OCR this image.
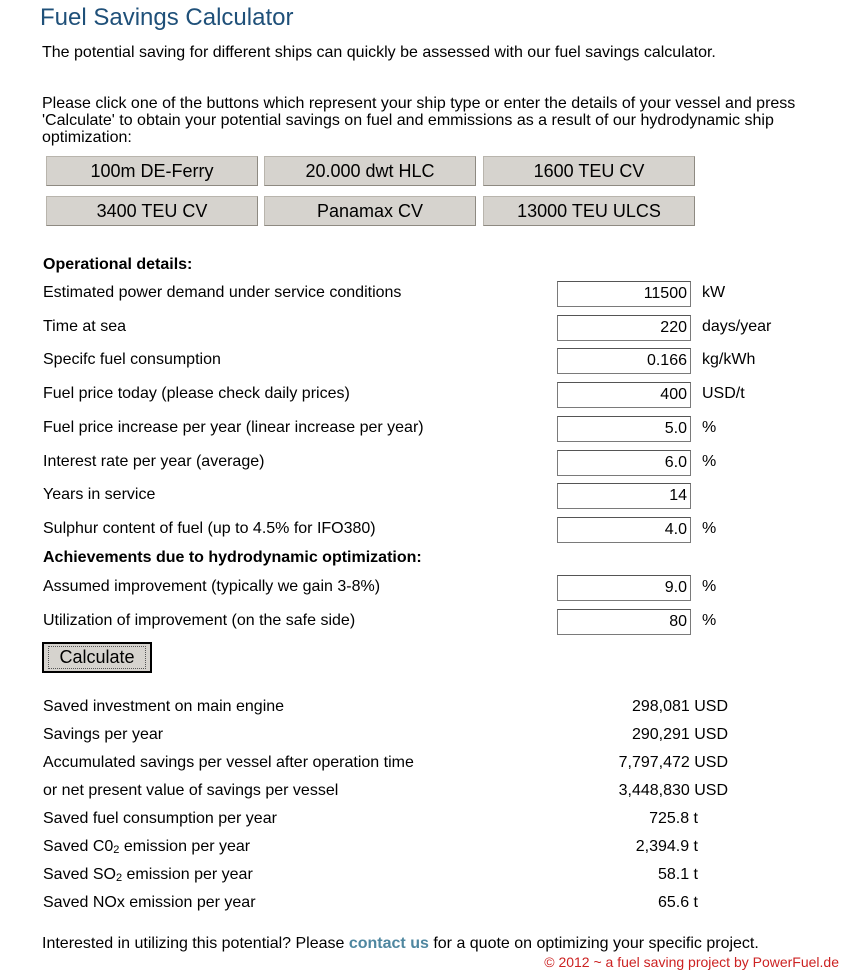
Fuel Savings Calculator
The potential saving for different ships can quickly be assessed with our fuel savings calculator.
Please click one of the buttons which represent your ship type or enter the details of your vessel and press 'Calculate' to obtain your potential savings on fuel and emmissions as a result of our hydrodynamic ship optimization:
100m DE-Ferry	20.000 dwt HLC	1600 TEU CV
3400 TEU CV	Panamax CV	13000 TEU ULCS
Operational details:
Estimated power demand under service conditions
11500	kW
Time at sea
220	days/year
Specifc fuel consumption
0.166	kg/kWh
Fuel price today (please check daily prices)
400	USD/t
Fuel price increase per year (linear increase per year)
5.0	%
Interest rate per year (average)
6.0	%
Years in service
14
Sulphur content of fuel (up to 4.5% for IFO380)
4.0	%
Achievements due to hydrodynamic optimization:
Assumed improvement (typically we gain 3-8%)
9.0	%
Utilization of improvement (on the safe side)
80	%
Calculate
Saved investment on main engine	298,081 USD
Savings per year	290,291 USD
Accumulated savings per vessel after operation time	7,797,472 USD
or net present value of savings per vessel	3,448,830 USD
Saved fuel consumption per year	725.8 t
Saved $C0_2$ emission per year	2,394.9 t
Saved $SO_2$ emission per year	58.1 t
Saved NOx emission per year	65.6 t
Interested in utilizing this potential? Please contact us for a quote on optimizing your specific project.
© 2012 ~ a fuel saving project by PowerFuel.de
